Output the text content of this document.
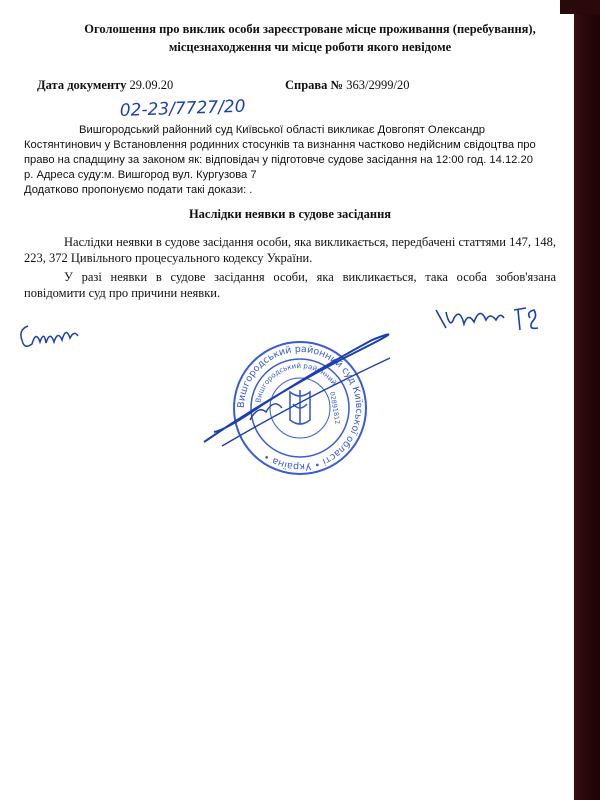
Оголошення про виклик особи зареєстроване місце проживання (перебування),
місцезнаходження чи місце роботи якого невідоме
Дата документу 29.09.20	Справа № 363/2999/20

Вишгородський районний суд Київської області викликає Довгопят Олександр

Костянтинович у Встановлення родинних стосунків та визнання частково недійсним свідоцтва про

право на спадщину за законом як: відповідач у підготовче судове засідання на 12:00 год. 14.12.20

р. Адреса суду:м. Вишгород вул. Кургузова 7

Додатково пропонуємо подати такі докази: .

Наслідки неявки в судове засідання

Наслідки неявки в судове засідання особи, яка викликається, передбачені статтями 147, 148, 223, 372 Цивільного процесуального кодексу України.

У разі неявки в судове засідання особи, яка викликається, така особа зобов'язана повідомити суд про причини неявки.

02-23/7727/20
Вишгородський районний суд Київської області • Україна •
Вишгородський районний
02891812
